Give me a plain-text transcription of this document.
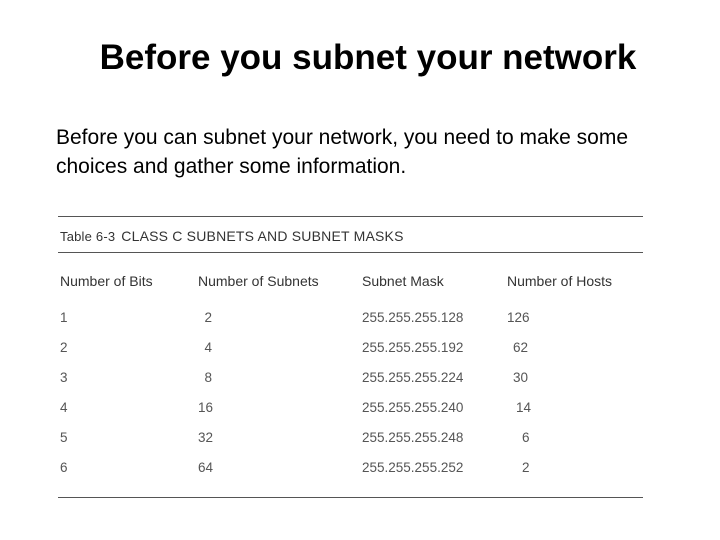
Before you subnet your network

Before you can subnet your network, you need to make some choices and gather some information.

Table 6-3 CLASS C SUBNETS AND SUBNET MASKS
Number of Bits	Number of Subnets	Subnet Mask	Number of Hosts
1	2	255.255.255.128	126
2	4	255.255.255.192	62
3	8	255.255.255.224	30
4	16	255.255.255.240	14
5	32	255.255.255.248	6
6	64	255.255.255.252	2
